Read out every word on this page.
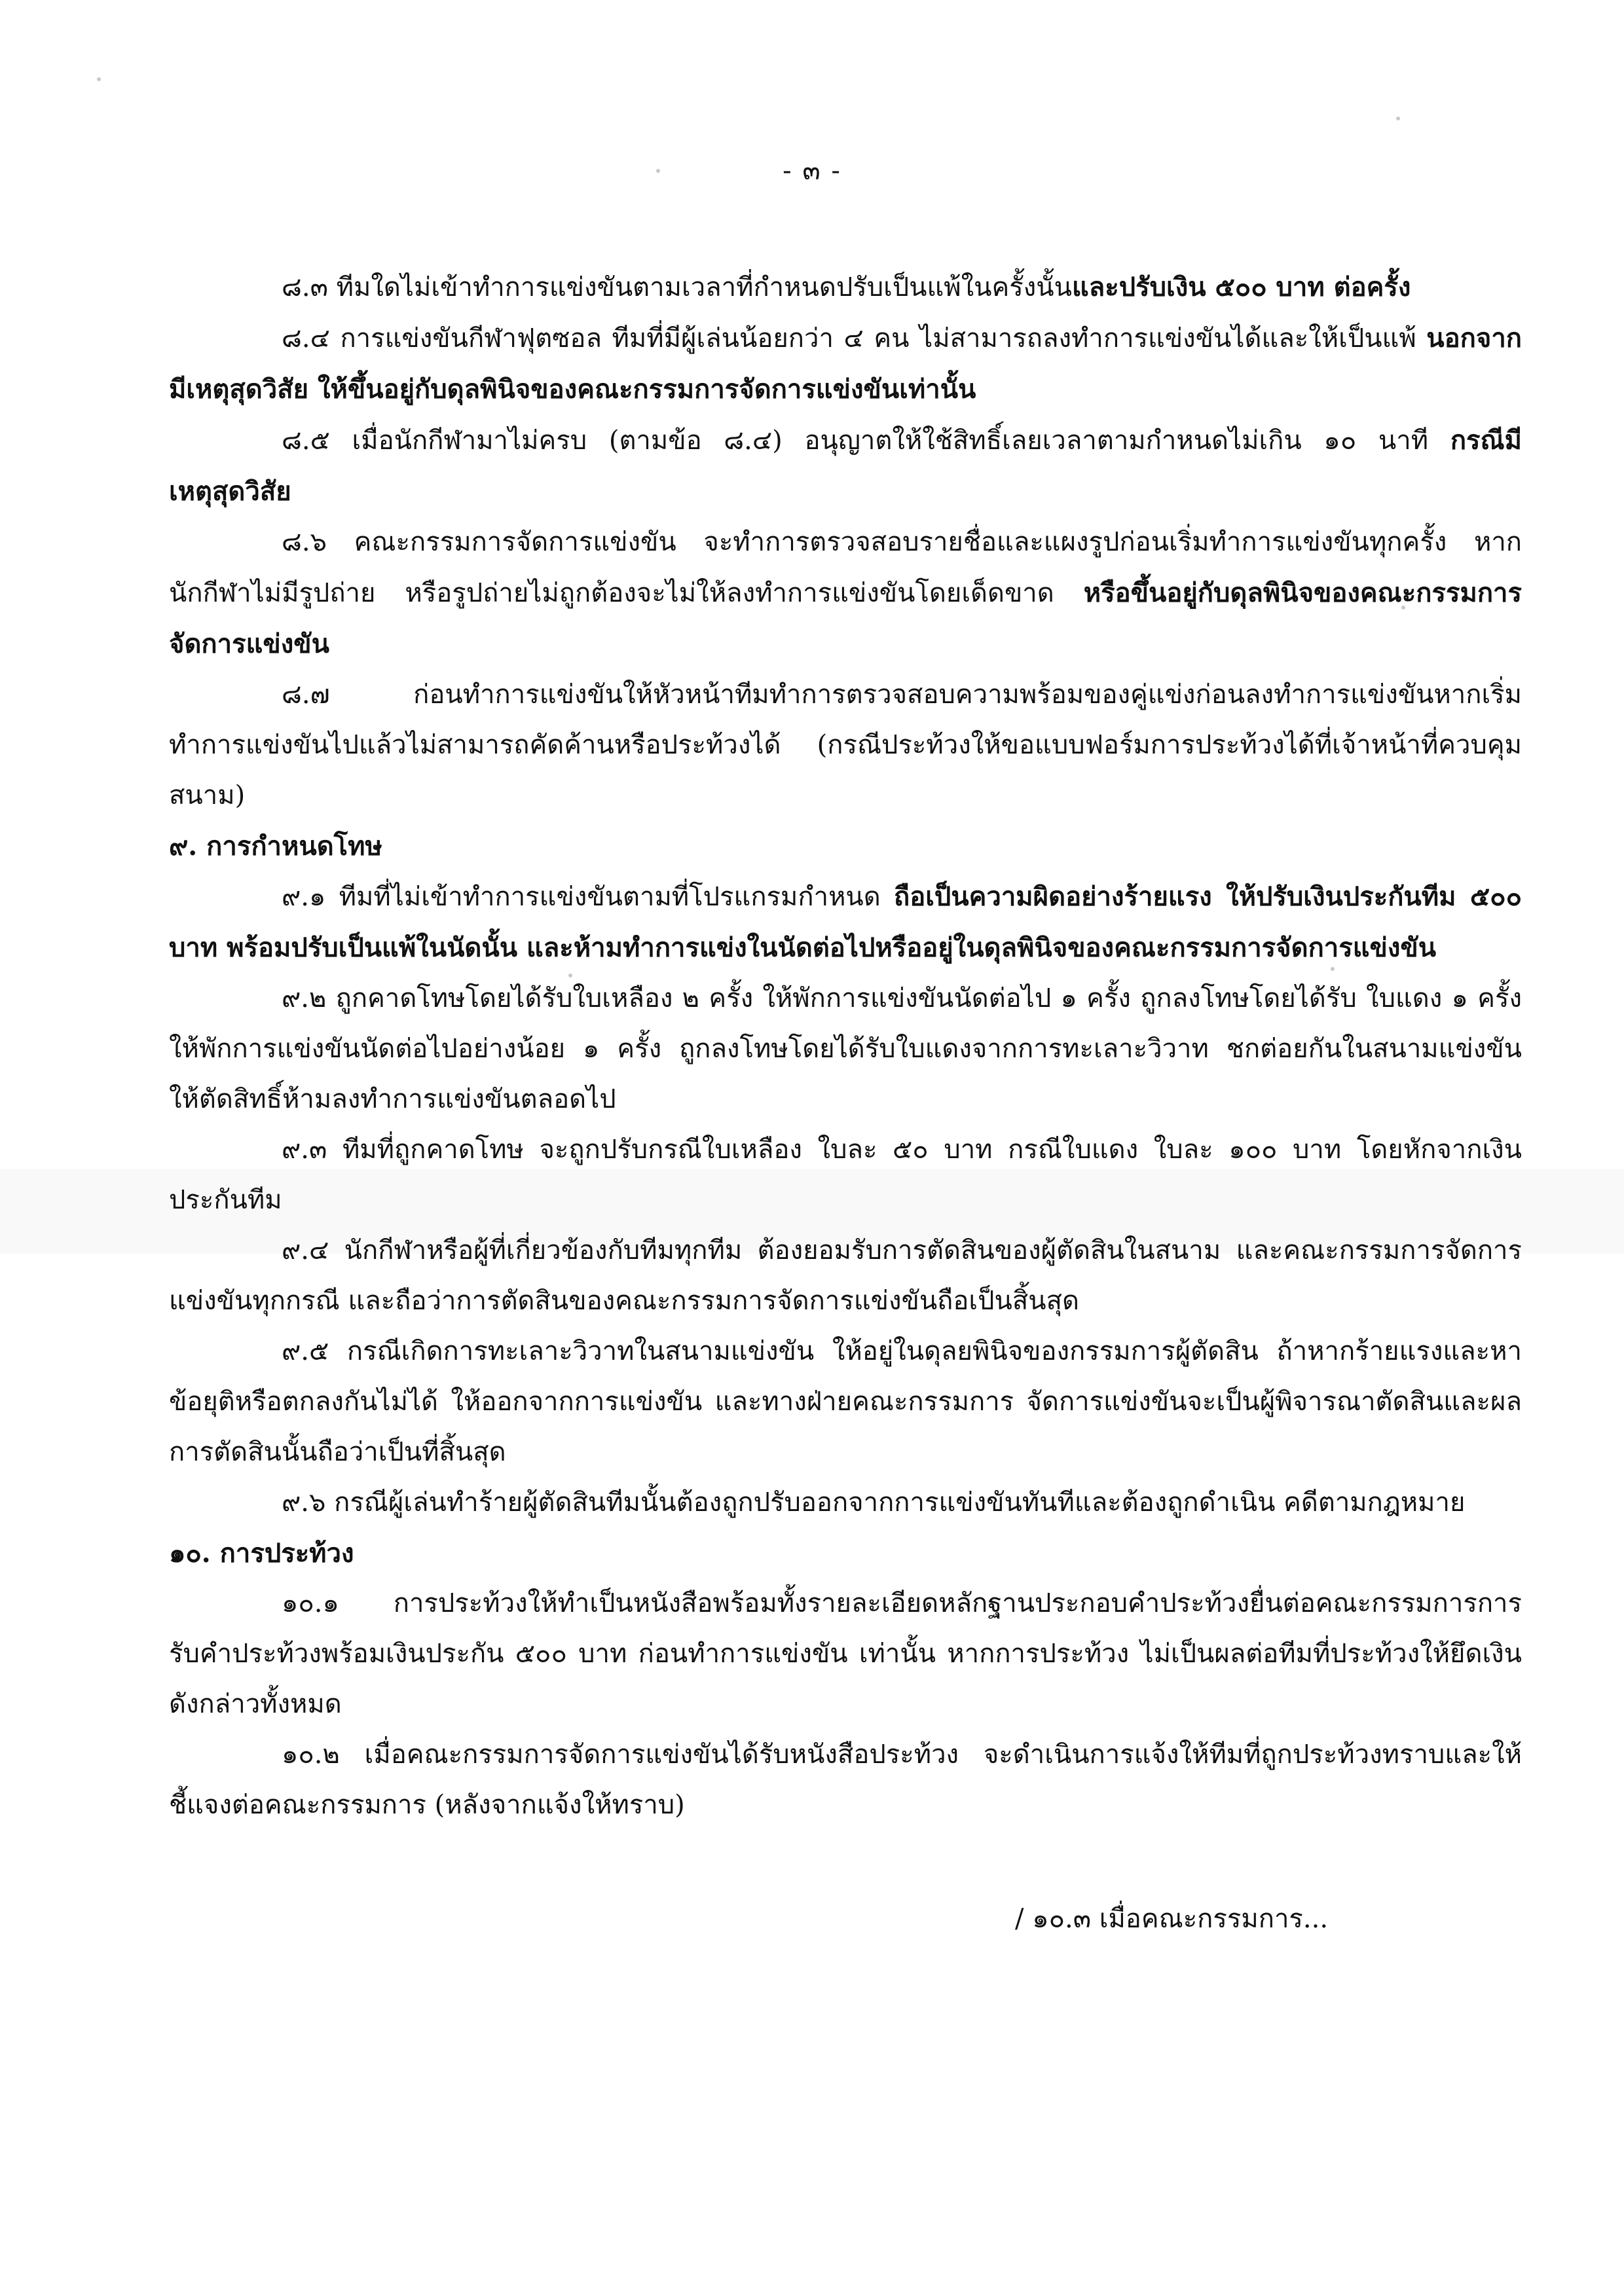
- ๓ -

๘.๓ ทีมใดไม่เข้าทำการแข่งขันตามเวลาที่กำหนดปรับเป็นแพ้ในครั้งนั้นและปรับเงิน ๕๐๐ บาท ต่อครั้ง

๘.๔ การแข่งขันกีฬาฟุตซอล ทีมที่มีผู้เล่นน้อยกว่า ๔ คน ไม่สามารถลงทำการแข่งขันได้และให้เป็นแพ้ นอกจากมีเหตุสุดวิสัย ให้ขึ้นอยู่กับดุลพินิจของคณะกรรมการจัดการแข่งขันเท่านั้น

๘.๕ เมื่อนักกีฬามาไม่ครบ (ตามข้อ ๘.๔) อนุญาตให้ใช้สิทธิ์เลยเวลาตามกำหนดไม่เกิน ๑๐ นาที กรณีมีเหตุสุดวิสัย

๘.๖ คณะกรรมการจัดการแข่งขัน จะทำการตรวจสอบรายชื่อและแผงรูปก่อนเริ่มทำการแข่งขันทุกครั้ง หากนักกีฬาไม่มีรูปถ่าย หรือรูปถ่ายไม่ถูกต้องจะไม่ให้ลงทำการแข่งขันโดยเด็ดขาด หรือขึ้นอยู่กับดุลพินิจของคณะกรรมการจัดการแข่งขัน

๘.๗ ก่อนทำการแข่งขันให้หัวหน้าทีมทำการตรวจสอบความพร้อมของคู่แข่งก่อนลงทำการแข่งขันหากเริ่มทำการแข่งขันไปแล้วไม่สามารถคัดค้านหรือประท้วงได้ (กรณีประท้วงให้ขอแบบฟอร์มการประท้วงได้ที่เจ้าหน้าที่ควบคุมสนาม)

๙. การกำหนดโทษ

๙.๑ ทีมที่ไม่เข้าทำการแข่งขันตามที่โปรแกรมกำหนด ถือเป็นความผิดอย่างร้ายแรง ให้ปรับเงินประกันทีม ๕๐๐ บาท พร้อมปรับเป็นแพ้ในนัดนั้น และห้ามทำการแข่งในนัดต่อไปหรืออยู่ในดุลพินิจของคณะกรรมการจัดการแข่งขัน

๙.๒ ถูกคาดโทษโดยได้รับใบเหลือง ๒ ครั้ง ให้พักการแข่งขันนัดต่อไป ๑ ครั้ง ถูกลงโทษโดยได้รับ ใบแดง ๑ ครั้ง ให้พักการแข่งขันนัดต่อไปอย่างน้อย ๑ ครั้ง ถูกลงโทษโดยได้รับใบแดงจากการทะเลาะวิวาท ชกต่อยกันในสนามแข่งขัน ให้ตัดสิทธิ์ห้ามลงทำการแข่งขันตลอดไป

๙.๓ ทีมที่ถูกคาดโทษ จะถูกปรับกรณีใบเหลือง ใบละ ๕๐ บาท กรณีใบแดง ใบละ ๑๐๐ บาท โดยหักจากเงินประกันทีม

๙.๔ นักกีฬาหรือผู้ที่เกี่ยวข้องกับทีมทุกทีม ต้องยอมรับการตัดสินของผู้ตัดสินในสนาม และคณะกรรมการจัดการแข่งขันทุกกรณี และถือว่าการตัดสินของคณะกรรมการจัดการแข่งขันถือเป็นสิ้นสุด

๙.๕ กรณีเกิดการทะเลาะวิวาทในสนามแข่งขัน ให้อยู่ในดุลยพินิจของกรรมการผู้ตัดสิน ถ้าหากร้ายแรงและหาข้อยุติหรือตกลงกันไม่ได้ ให้ออกจากการแข่งขัน และทางฝ่ายคณะกรรมการ จัดการแข่งขันจะเป็นผู้พิจารณาตัดสินและผลการตัดสินนั้นถือว่าเป็นที่สิ้นสุด

๙.๖ กรณีผู้เล่นทำร้ายผู้ตัดสินทีมนั้นต้องถูกปรับออกจากการแข่งขันทันทีและต้องถูกดำเนิน คดีตามกฎหมาย

๑๐. การประท้วง

๑๐.๑ การประท้วงให้ทำเป็นหนังสือพร้อมทั้งรายละเอียดหลักฐานประกอบคำประท้วงยื่นต่อคณะกรรมการการรับคำประท้วงพร้อมเงินประกัน ๕๐๐ บาท ก่อนทำการแข่งขัน เท่านั้น หากการประท้วง ไม่เป็นผลต่อทีมที่ประท้วงให้ยึดเงินดังกล่าวทั้งหมด

๑๐.๒ เมื่อคณะกรรมการจัดการแข่งขันได้รับหนังสือประท้วง จะดำเนินการแจ้งให้ทีมที่ถูกประท้วงทราบและให้ชี้แจงต่อคณะกรรมการ (หลังจากแจ้งให้ทราบ)

/ ๑๐.๓ เมื่อคณะกรรมการ...
